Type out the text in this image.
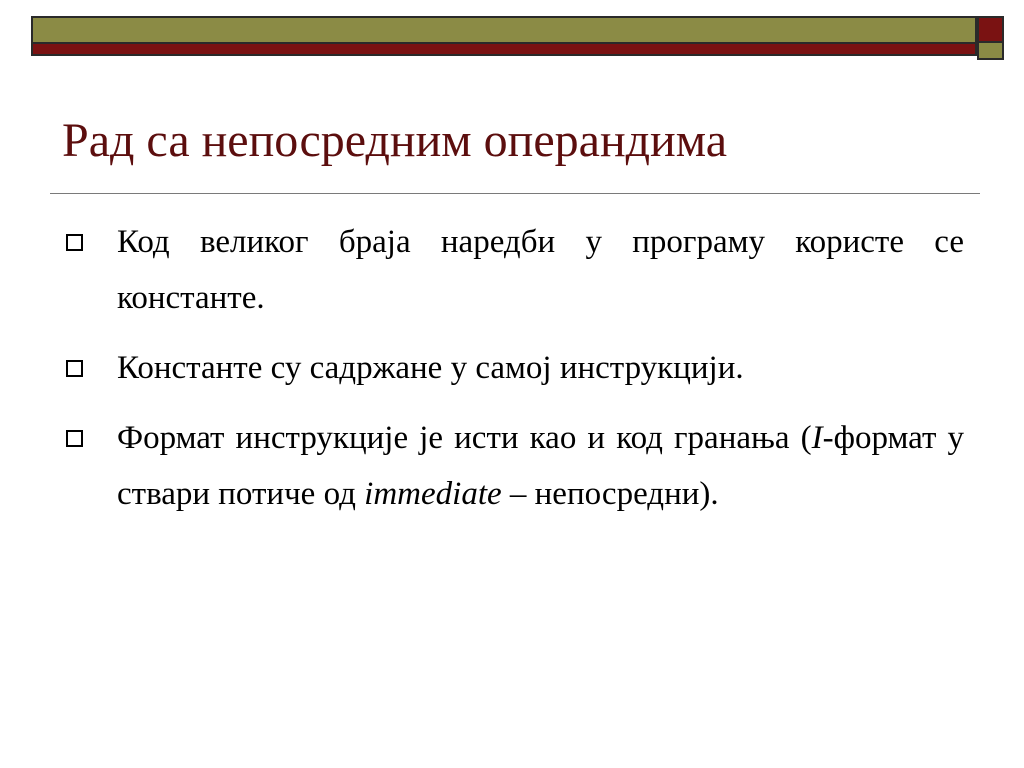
Рад са непосредним операндима
Код великог браја наредби у програму користе се константе.
Константе су садржане у самој инструкцији.
Формат инструкције је исти као и код гранања (I-формат у ствари потиче од immediate – непосредни).
